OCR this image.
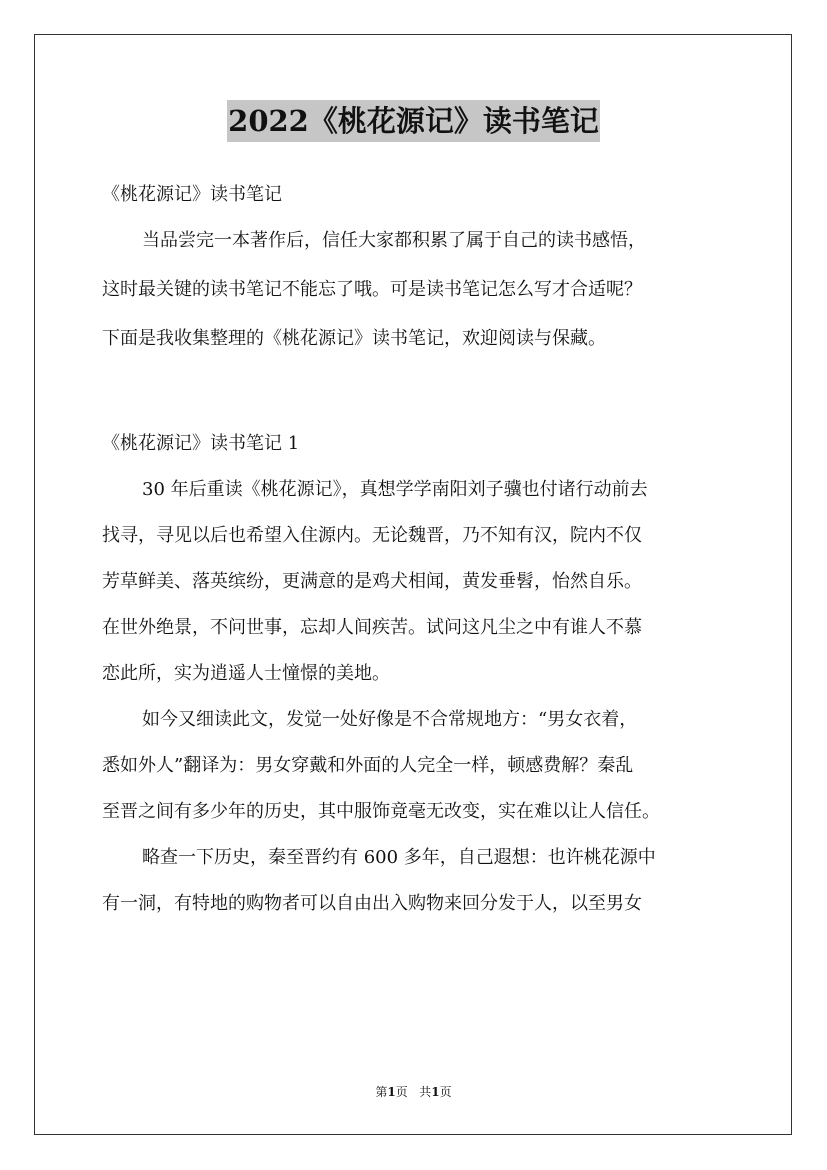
2022《桃花源记》读书笔记

《桃花源记》读书笔记

当品尝完一本著作后，信任大家都积累了属于自己的读书感悟，

这时最关键的读书笔记不能忘了哦。可是读书笔记怎么写才合适呢？

下面是我收集整理的《桃花源记》读书笔记，欢迎阅读与保藏。

《桃花源记》读书笔记 1

30 年后重读《桃花源记》，真想学学南阳刘子骥也付诸行动前去

找寻，寻见以后也希望入住源内。无论魏晋，乃不知有汉，院内不仅

芳草鲜美、落英缤纷，更满意的是鸡犬相闻，黄发垂髫，怡然自乐。

在世外绝景，不问世事，忘却人间疾苦。试问这凡尘之中有谁人不慕

恋此所，实为逍遥人士憧憬的美地。

如今又细读此文，发觉一处好像是不合常规地方：“男女衣着，

悉如外人”翻译为：男女穿戴和外面的人完全一样，顿感费解？秦乱

至晋之间有多少年的历史，其中服饰竟毫无改变，实在难以让人信任。

略查一下历史，秦至晋约有 600 多年，自己遐想：也许桃花源中

有一洞，有特地的购物者可以自由出入购物来回分发于人，以至男女

第1页 共1页
